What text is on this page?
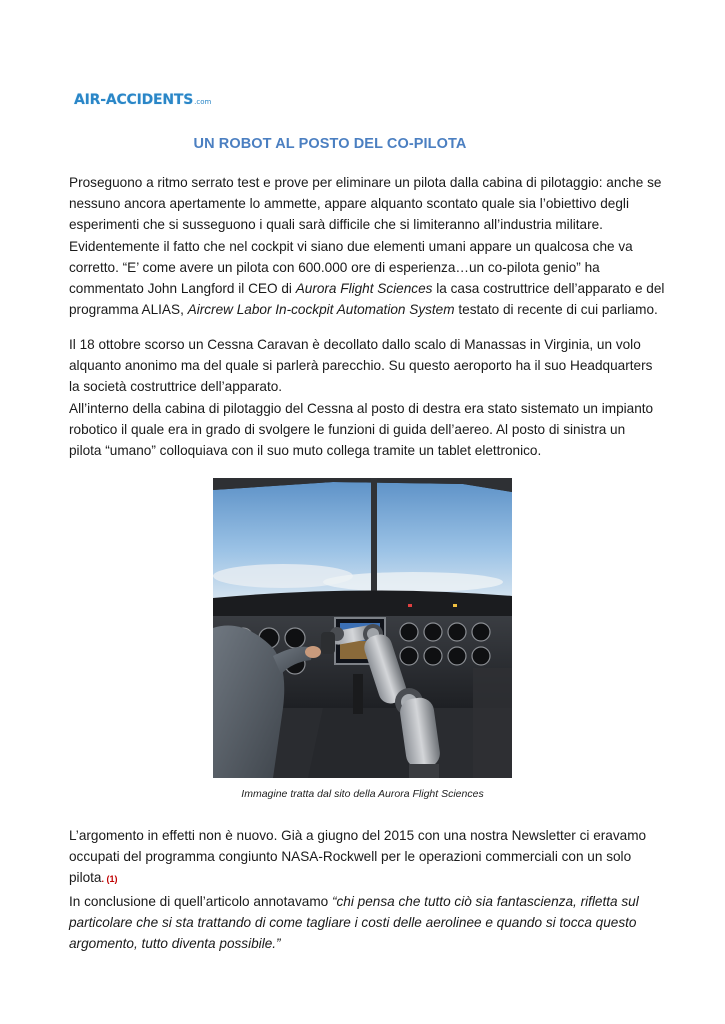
AIR-ACCIDENTS .com
UN ROBOT AL POSTO DEL CO-PILOTA

Proseguono a ritmo serrato test e prove per eliminare un pilota dalla cabina di pilotaggio: anche se

nessuno ancora apertamente lo ammette, appare alquanto scontato quale sia l’obiettivo degli

esperimenti che si susseguono i quali sarà difficile che si limiteranno all’industria militare.

Evidentemente il fatto che nel cockpit vi siano due elementi umani appare un qualcosa che va

corretto. “E’ come avere un pilota con 600.000 ore di esperienza…un co-pilota genio” ha

commentato John Langford il CEO di Aurora Flight Sciences la casa costruttrice dell’apparato e del

programma ALIAS, Aircrew Labor In-cockpit Automation System testato di recente di cui parliamo.

Il 18 ottobre scorso un Cessna Caravan è decollato dallo scalo di Manassas in Virginia, un volo

alquanto anonimo ma del quale si parlerà parecchio. Su questo aeroporto ha il suo Headquarters

la società costruttrice dell’apparato.

All’interno della cabina di pilotaggio del Cessna al posto di destra era stato sistemato un impianto

robotico il quale era in grado di svolgere le funzioni di guida dell’aereo. Al posto di sinistra un

pilota “umano” colloquiava con il suo muto collega tramite un tablet elettronico.

Immagine tratta dal sito della Aurora Flight Sciences

L’argomento in effetti non è nuovo. Già a giugno del 2015 con una nostra Newsletter ci eravamo

occupati del programma congiunto NASA-Rockwell per le operazioni commerciali con un solo

pilota. (1)

In conclusione di quell’articolo annotavamo “chi pensa che tutto ciò sia fantascienza, rifletta sul

particolare che si sta trattando di come tagliare i costi delle aerolinee e quando si tocca questo

argomento, tutto diventa possibile.”
